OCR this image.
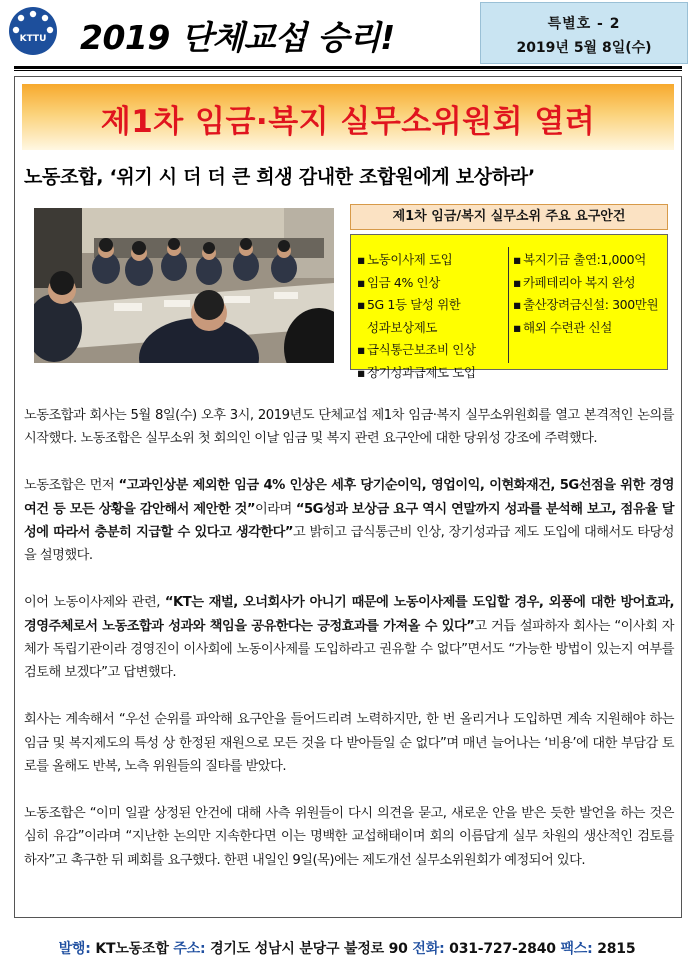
KTTU 2019 단체교섭 승리!	특별호 - 2
2019년 5월 8일(수)
제1차 임금·복지 실무소위원회 열려
노동조합, ‘위기 시 더 더 큰 희생 감내한 조합원에게 보상하라’
제1차 임금/복지 실무소위 주요 요구안건
▪ 노동이사제 도입
▪ 임금 4% 인상
▪ 5G 1등 달성 위한
성과보상제도
▪ 급식통근보조비 인상
▪ 장기성과급제도 도입
▪ 복지기금 출연:1,000억
▪ 카페테리아 복지 완성
▪ 출산장려금신설: 300만원
▪ 해외 수련관 신설

노동조합과 회사는 5월 8일(수) 오후 3시, 2019년도 단체교섭 제1차 임금·복지 실무소위원회를 열고 본격적인 논의를 시작했다. 노동조합은 실무소위 첫 회의인 이날 임금 및 복지 관련 요구안에 대한 당위성 강조에 주력했다.

노동조합은 먼저 “고과인상분 제외한 임금 4% 인상은 세후 당기순이익, 영업이익, 이현화재건, 5G선점을 위한 경영여건 등 모든 상황을 감안해서 제안한 것”이라며 “5G성과 보상금 요구 역시 연말까지 성과를 분석해 보고, 점유율 달성에 따라서 충분히 지급할 수 있다고 생각한다”고 밝히고 급식통근비 인상, 장기성과급 제도 도입에 대해서도 타당성을 설명했다.

이어 노동이사제와 관련, “KT는 재벌, 오너회사가 아니기 때문에 노동이사제를 도입할 경우, 외풍에 대한 방어효과, 경영주체로서 노동조합과 성과와 책임을 공유한다는 긍정효과를 가져올 수 있다”고 거듭 설파하자 회사는 “이사회 자체가 독립기관이라 경영진이 이사회에 노동이사제를 도입하라고 권유할 수 없다”면서도 “가능한 방법이 있는지 여부를 검토해 보겠다”고 답변했다.

회사는 계속해서 “우선 순위를 파악해 요구안을 들어드리려 노력하지만, 한 번 올리거나 도입하면 계속 지원해야 하는 임금 및 복지제도의 특성 상 한정된 재원으로 모든 것을 다 받아들일 순 없다”며 매년 늘어나는 ‘비용’에 대한 부담감 토로를 올해도 반복, 노측 위원들의 질타를 받았다.

노동조합은 “이미 일괄 상정된 안건에 대해 사측 위원들이 다시 의견을 묻고, 새로운 안을 받은 듯한 발언을 하는 것은 심히 유감”이라며 “지난한 논의만 지속한다면 이는 명백한 교섭해태이며 회의 이름답게 실무 차원의 생산적인 검토를 하자”고 촉구한 뒤 폐회를 요구했다. 한편 내일인 9일(목)에는 제도개선 실무소위원회가 예정되어 있다.

발행: KT노동조합 주소: 경기도 성남시 분당구 불정로 90 전화: 031-727-2840 팩스: 2815
